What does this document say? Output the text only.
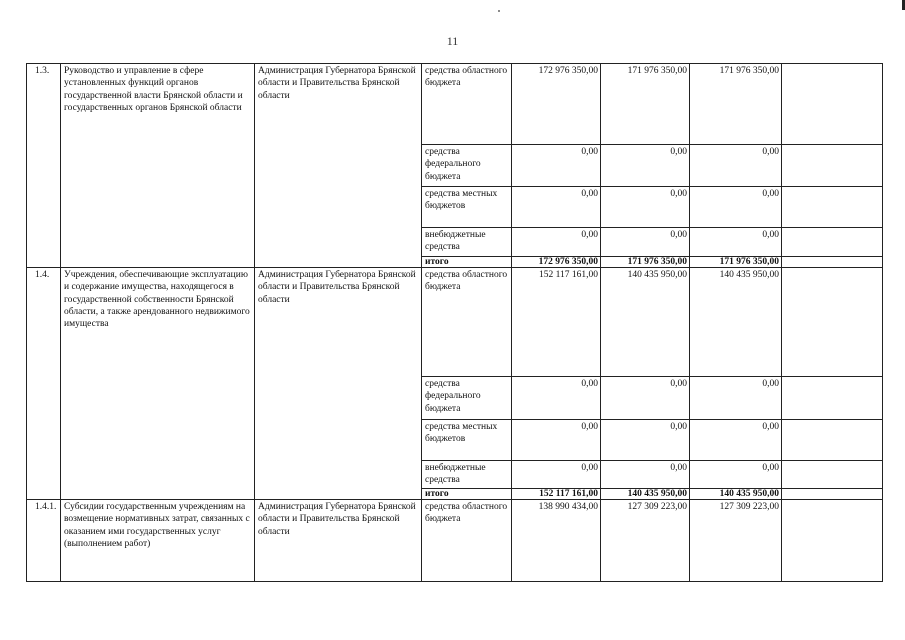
11
1.3.	Руководство и управление в сфере установленных функций органов государственной власти Брянской области и государственных органов Брянской области	Администрация Губернатора Брянской области и Правительства Брянской области	средства областного бюджета	172 976 350,00	171 976 350,00	171 976 350,00	
			средства федерального бюджета	0,00	0,00	0,00	
			средства местных бюджетов	0,00	0,00	0,00	
			внебюджетные средства	0,00	0,00	0,00	
			итого	172 976 350,00	171 976 350,00	171 976 350,00	
1.4.	Учреждения, обеспечивающие эксплуатацию и содержание имущества, находящегося в государственной собственности Брянской области, а также арендованного недвижимого имущества	Администрация Губернатора Брянской области и Правительства Брянской области	средства областного бюджета	152 117 161,00	140 435 950,00	140 435 950,00	
			средства федерального бюджета	0,00	0,00	0,00	
			средства местных бюджетов	0,00	0,00	0,00	
			внебюджетные средства	0,00	0,00	0,00	
			итого	152 117 161,00	140 435 950,00	140 435 950,00	
1.4.1.	Субсидии государственным учреждениям на возмещение нормативных затрат, связанных с оказанием ими государственных услуг (выполнением работ)	Администрация Губернатора Брянской области и Правительства Брянской области	средства областного бюджета	138 990 434,00	127 309 223,00	127 309 223,00	
